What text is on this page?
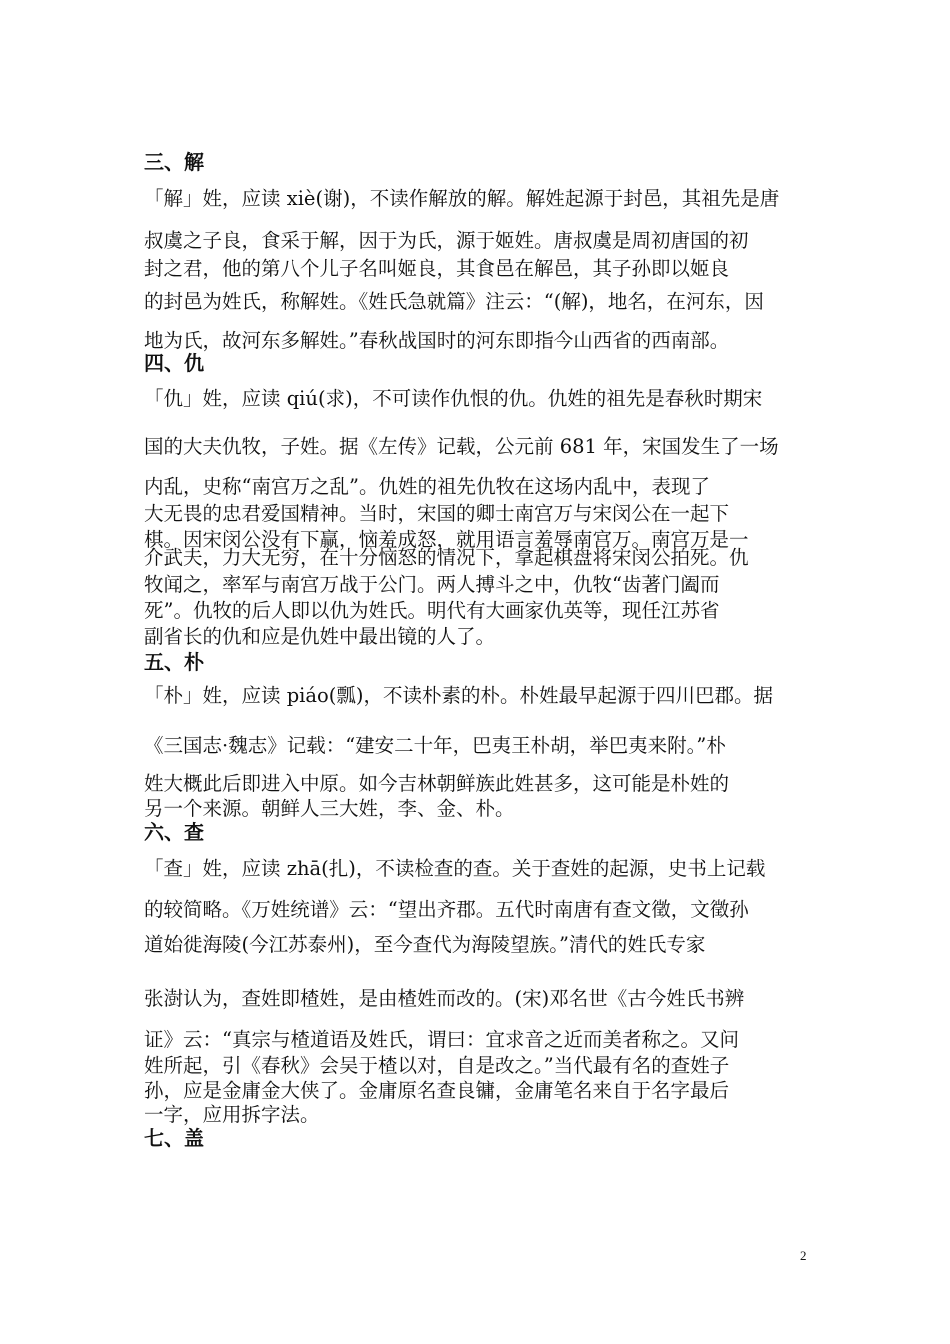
三、解
「解」姓，应读 xiè(谢)，不读作解放的解。解姓起源于封邑，其祖先是唐
叔虞之子良，食采于解，因于为氏，源于姬姓。唐叔虞是周初唐国的初
封之君，他的第八个儿子名叫姬良，其食邑在解邑，其子孙即以姬良
的封邑为姓氏，称解姓。《姓氏急就篇》注云：“(解)，地名，在河东，因
地为氏，故河东多解姓。”春秋战国时的河东即指今山西省的西南部。
四、仇
「仇」姓，应读 qiú(求)，不可读作仇恨的仇。仇姓的祖先是春秋时期宋
国的大夫仇牧，子姓。据《左传》记载，公元前 681 年，宋国发生了一场
内乱，史称“南宫万之乱”。仇姓的祖先仇牧在这场内乱中，表现了
大无畏的忠君爱国精神。当时，宋国的卿士南宫万与宋闵公在一起下
棋。因宋闵公没有下赢，恼羞成怒，就用语言羞辱南宫万。南宫万是一
介武夫，力大无穷，在十分恼怒的情况下，拿起棋盘将宋闵公拍死。仇
牧闻之，率军与南宫万战于公门。两人搏斗之中，仇牧“齿著门阖而
死”。仇牧的后人即以仇为姓氏。明代有大画家仇英等，现任江苏省
副省长的仇和应是仇姓中最出镜的人了。
五、朴
「朴」姓，应读 piáo(瓢)，不读朴素的朴。朴姓最早起源于四川巴郡。据
《三国志·魏志》记载：“建安二十年，巴夷王朴胡，举巴夷来附。”朴
姓大概此后即进入中原。如今吉林朝鲜族此姓甚多，这可能是朴姓的
另一个来源。朝鲜人三大姓，李、金、朴。
六、查
「查」姓，应读 zhā(扎)，不读检查的查。关于查姓的起源，史书上记载
的较简略。《万姓统谱》云：“望出齐郡。五代时南唐有查文徵，文徵孙
道始徙海陵(今江苏泰州)，至今查代为海陵望族。”清代的姓氏专家
张澍认为，查姓即楂姓，是由楂姓而改的。(宋)邓名世《古今姓氏书辨
证》云：“真宗与楂道语及姓氏，谓曰：宜求音之近而美者称之。又问
姓所起，引《春秋》会吴于楂以对，自是改之。”当代最有名的查姓子
孙，应是金庸金大侠了。金庸原名查良镛，金庸笔名来自于名字最后
一字，应用拆字法。
七、盖
2
